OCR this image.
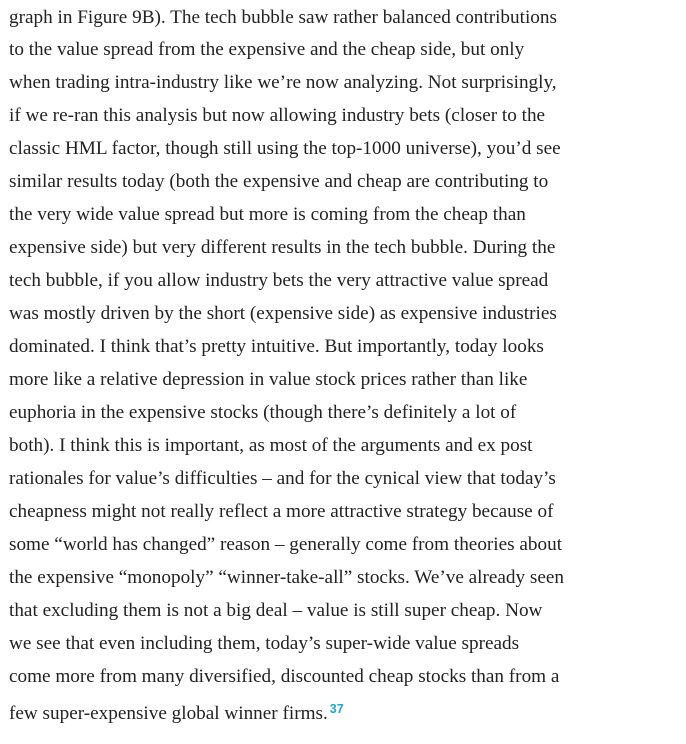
graph in Figure 9B). The tech bubble saw rather balanced contributions
to the value spread from the expensive and the cheap side, but only
when trading intra-industry like we’re now analyzing. Not surprisingly,
if we re-ran this analysis but now allowing industry bets (closer to the
classic HML factor, though still using the top-1000 universe), you’d see
similar results today (both the expensive and cheap are contributing to
the very wide value spread but more is coming from the cheap than
expensive side) but very different results in the tech bubble. During the
tech bubble, if you allow industry bets the very attractive value spread
was mostly driven by the short (expensive side) as expensive industries
dominated. I think that’s pretty intuitive. But importantly, today looks
more like a relative depression in value stock prices rather than like
euphoria in the expensive stocks (though there’s definitely a lot of
both). I think this is important, as most of the arguments and ex post
rationales for value’s difficulties – and for the cynical view that today’s
cheapness might not really reflect a more attractive strategy because of
some “world has changed” reason – generally come from theories about
the expensive “monopoly” “winner-take-all” stocks. We’ve already seen
that excluding them is not a big deal – value is still super cheap. Now
we see that even including them, today’s super-wide value spreads
come more from many diversified, discounted cheap stocks than from a
few super-expensive global winner firms. 37
